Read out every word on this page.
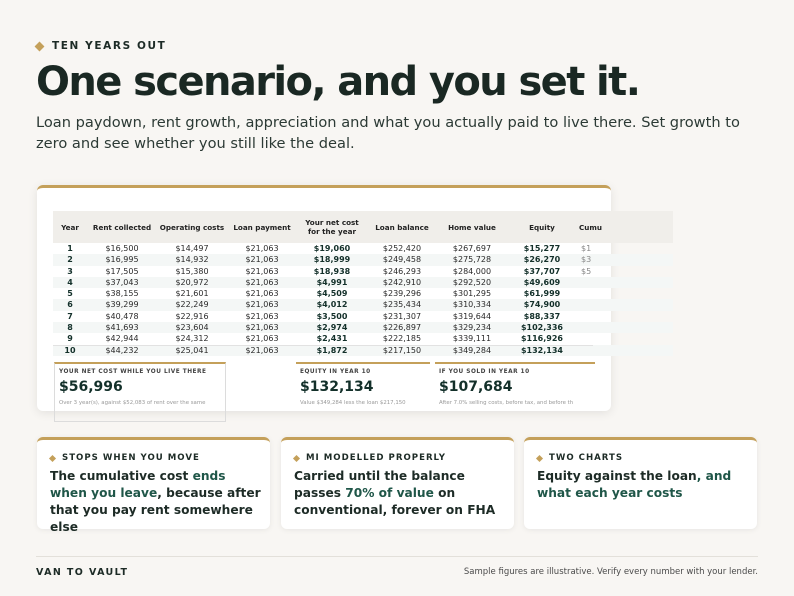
TEN YEARS OUT
One scenario, and you set it.

Loan paydown, rent growth, appreciation and what you actually paid to live there. Set growth to zero and see whether you still like the deal.

Year	Rent collected	Operating costs	Loan payment	Your net cost for the year	Loan balance	Home value	Equity	Cumu
1	$16,500	$14,497	$21,063	$19,060	$252,420	$267,697	$15,277	$1
2	$16,995	$14,932	$21,063	$18,999	$249,458	$275,728	$26,270	$3
3	$17,505	$15,380	$21,063	$18,938	$246,293	$284,000	$37,707	$5
4	$37,043	$20,972	$21,063	$4,991	$242,910	$292,520	$49,609	
5	$38,155	$21,601	$21,063	$4,509	$239,296	$301,295	$61,999	
6	$39,299	$22,249	$21,063	$4,012	$235,434	$310,334	$74,900	
7	$40,478	$22,916	$21,063	$3,500	$231,307	$319,644	$88,337	
8	$41,693	$23,604	$21,063	$2,974	$226,897	$329,234	$102,336	
9	$42,944	$24,312	$21,063	$2,431	$222,185	$339,111	$116,926	
10	$44,232	$25,041	$21,063	$1,872	$217,150	$349,284	$132,134	
YOUR NET COST WHILE YOU LIVE THERE
$56,996
Over 3 year(s), against $52,083 of rent over the same
EQUITY IN YEAR 10
$132,134
Value $349,284 less the loan $217,150
IF YOU SOLD IN YEAR 10
$107,684
After 7.0% selling costs, before tax, and before th
STOPS WHEN YOU MOVE

The cumulative cost ends when you leave, because after that you pay rent somewhere else

MI MODELLED PROPERLY

Carried until the balance passes 70% of value on conventional, forever on FHA

TWO CHARTS

Equity against the loan, and what each year costs

VAN TO VAULT	Sample figures are illustrative. Verify every number with your lender.
